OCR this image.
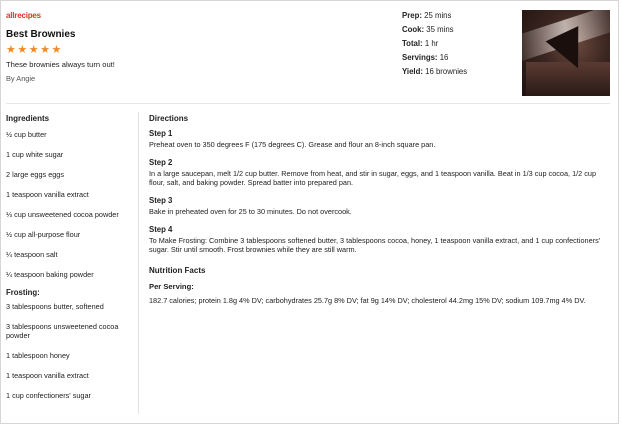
allrecipes
Best Brownies
★★★★★
These brownies always turn out!
By Angie
Prep: 25 mins
Cook: 35 mins
Total: 1 hr
Servings: 16
Yield: 16 brownies
Ingredients
½ cup butter
1 cup white sugar
2 large eggs eggs
1 teaspoon vanilla extract
⅓ cup unsweetened cocoa powder
½ cup all-purpose flour
¼ teaspoon salt
¼ teaspoon baking powder
Frosting:
3 tablespoons butter, softened
3 tablespoons unsweetened cocoa powder
1 tablespoon honey
1 teaspoon vanilla extract
1 cup confectioners' sugar
Directions
Step 1
Preheat oven to 350 degrees F (175 degrees C). Grease and flour an 8-inch square pan.
Step 2
In a large saucepan, melt 1/2 cup butter. Remove from heat, and stir in sugar, eggs, and 1 teaspoon vanilla. Beat in 1/3 cup cocoa, 1/2 cup flour, salt, and baking powder. Spread batter into prepared pan.
Step 3
Bake in preheated oven for 25 to 30 minutes. Do not overcook.
Step 4
To Make Frosting: Combine 3 tablespoons softened butter, 3 tablespoons cocoa, honey, 1 teaspoon vanilla extract, and 1 cup confectioners' sugar. Stir until smooth. Frost brownies while they are still warm.
Nutrition Facts
Per Serving:
182.7 calories; protein 1.8g 4% DV; carbohydrates 25.7g 8% DV; fat 9g 14% DV; cholesterol 44.2mg 15% DV; sodium 109.7mg 4% DV.
